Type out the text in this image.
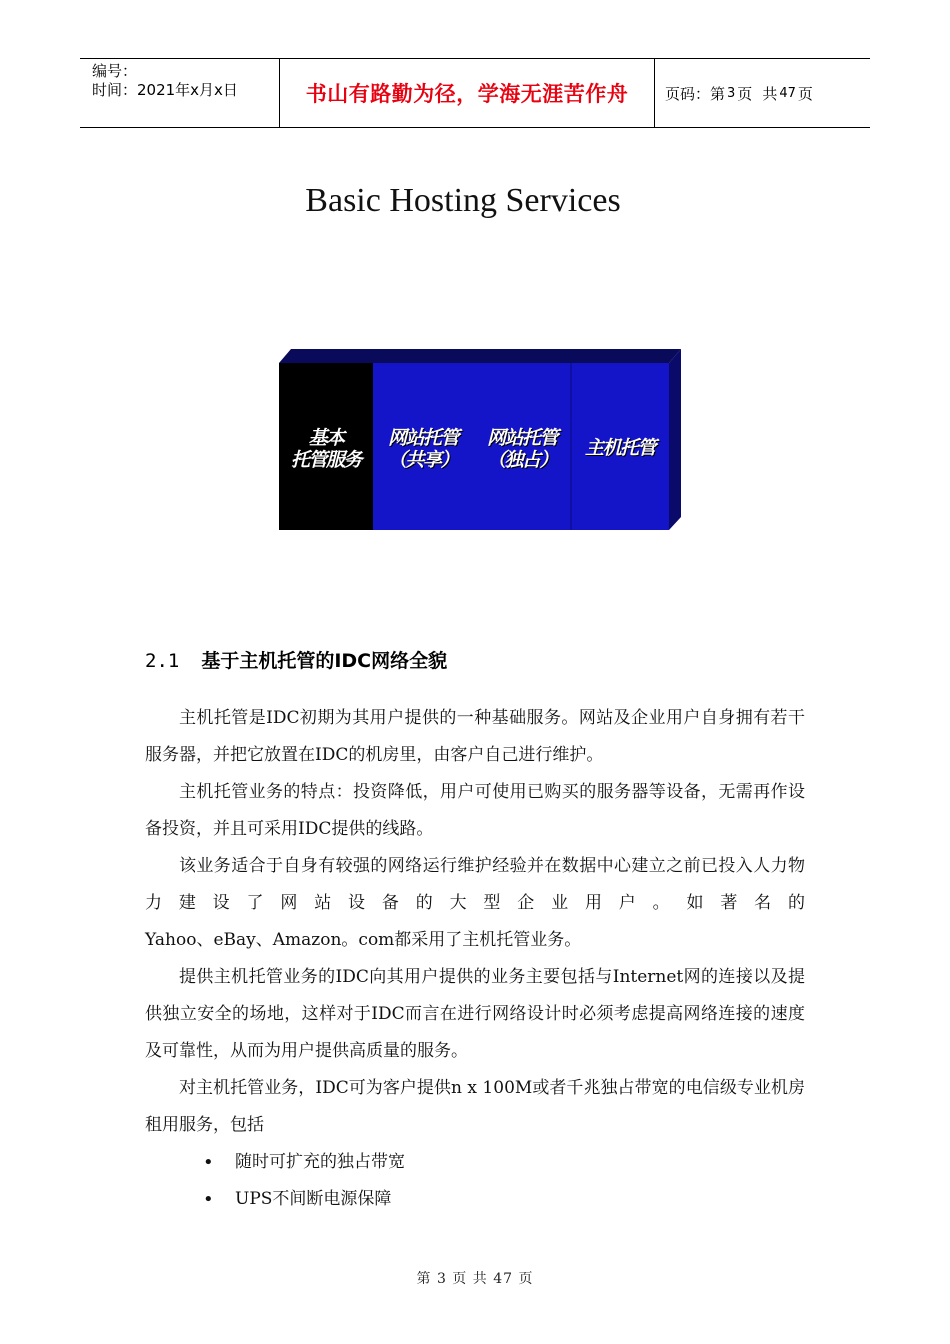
编号：
时间：2021年x月x日	书山有路勤为径，学海无涯苦作舟	页码：第 3 页 共 47 页
Basic Hosting Services
基本
托管服务
网站托管
（共享）
网站托管
（独占）
主机托管
2.1 基于主机托管的IDC网络全貌

主机托管是IDC初期为其用户提供的一种基础服务。网站及企业用户自身拥有若干服务器，并把它放置在IDC的机房里，由客户自己进行维护。

主机托管业务的特点：投资降低，用户可使用已购买的服务器等设备，无需再作设备投资，并且可采用IDC提供的线路。

该业务适合于自身有较强的网络运行维护经验并在数据中心建立之前已投入人力物力建设了网站设备的大型企业用户。如著名的

Yahoo、eBay、Amazon。com都采用了主机托管业务。

提供主机托管业务的IDC向其用户提供的业务主要包括与Internet网的连接以及提供独立安全的场地，这样对于IDC而言在进行网络设计时必须考虑提高网络连接的速度及可靠性，从而为用户提供高质量的服务。

对主机托管业务，IDC可为客户提供n x 100M或者千兆独占带宽的电信级专业机房租用服务，包括

• 随时可扩充的独占带宽
• UPS不间断电源保障
第 3 页 共 47 页
